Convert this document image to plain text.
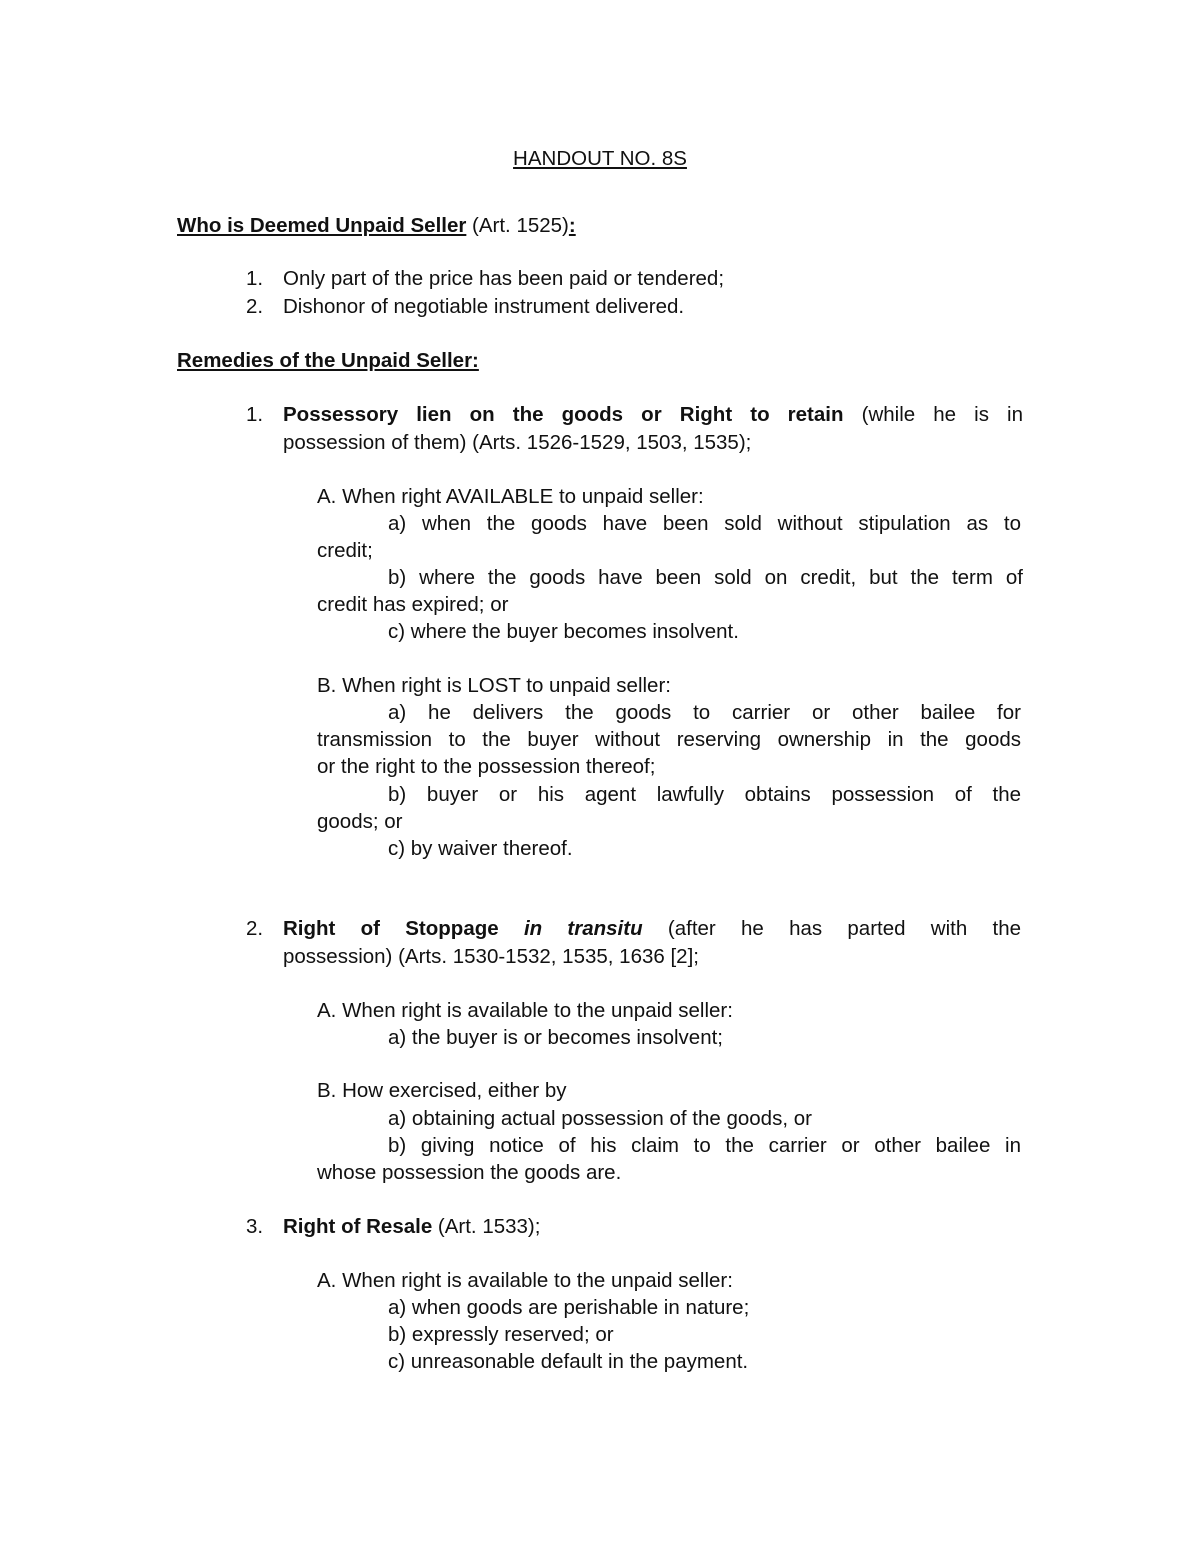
HANDOUT NO. 8S

Who is Deemed Unpaid Seller (Art. 1525):

1. Only part of the price has been paid or tendered;

2. Dishonor of negotiable instrument delivered.

Remedies of the Unpaid Seller:

1. Possessory lien on the goods or Right to retain (while he is in

possession of them) (Arts. 1526-1529, 1503, 1535);

A. When right AVAILABLE to unpaid seller:

a) when the goods have been sold without stipulation as to

credit;

b) where the goods have been sold on credit, but the term of

credit has expired; or

c) where the buyer becomes insolvent.

B. When right is LOST to unpaid seller:

a) he delivers the goods to carrier or other bailee for

transmission to the buyer without reserving ownership in the goods

or the right to the possession thereof;

b) buyer or his agent lawfully obtains possession of the

goods; or

c) by waiver thereof.

2. Right of Stoppage in transitu (after he has parted with the

possession) (Arts. 1530-1532, 1535, 1636 [2];

A. When right is available to the unpaid seller:

a) the buyer is or becomes insolvent;

B. How exercised, either by

a) obtaining actual possession of the goods, or

b) giving notice of his claim to the carrier or other bailee in

whose possession the goods are.

3. Right of Resale (Art. 1533);

A. When right is available to the unpaid seller:

a) when goods are perishable in nature;

b) expressly reserved; or

c) unreasonable default in the payment.
